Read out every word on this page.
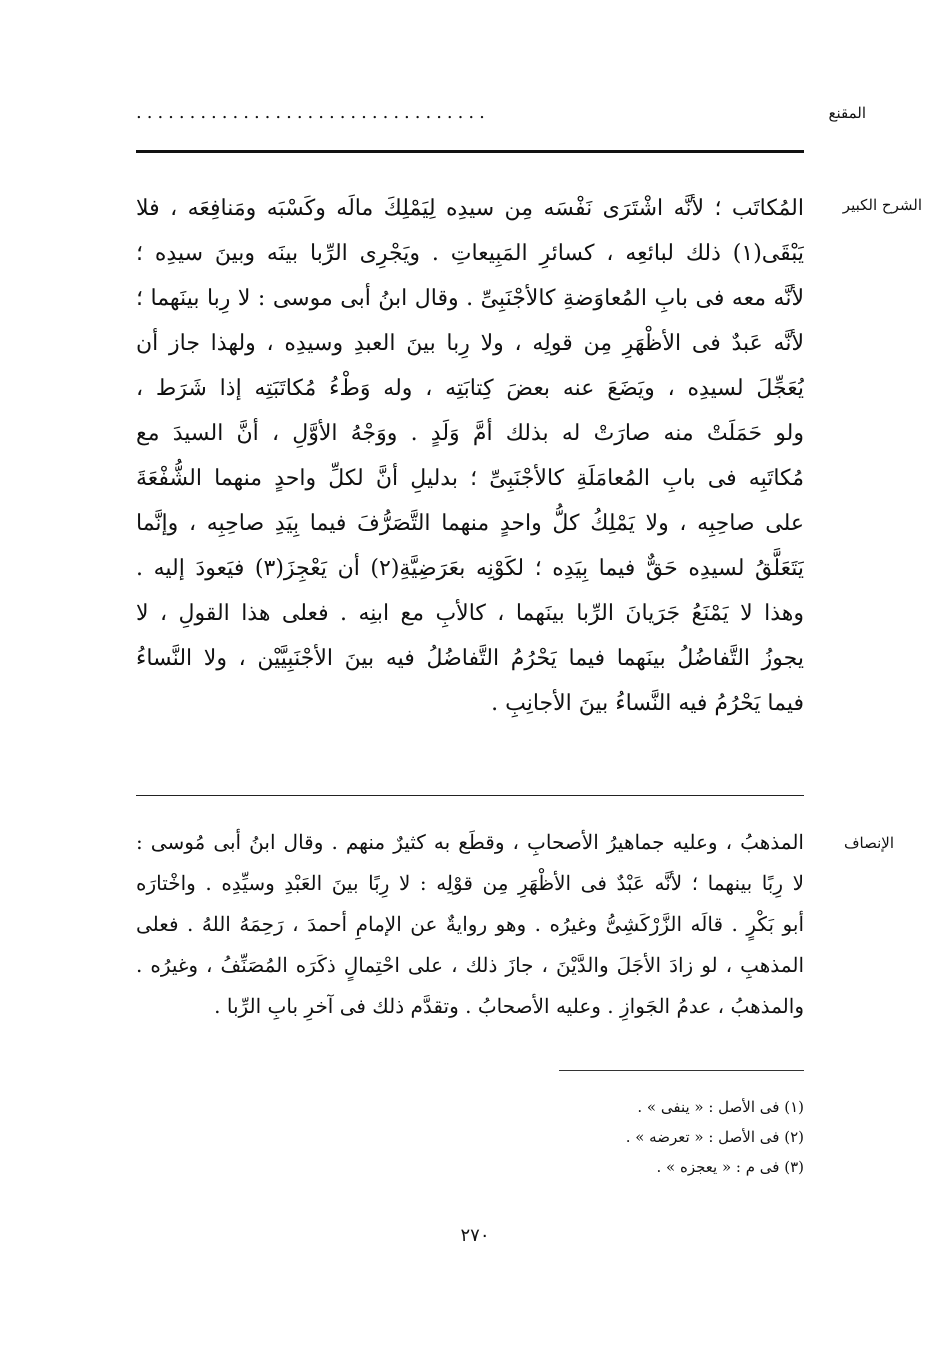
المقنع
.................................
الشرح الكبير
المُكاتَب ؛ لأنَّه اشْتَرَى نَفْسَه مِن سيدِه لِيَمْلِكَ مالَه وكَسْبَه ومَنافِعَه ، فلا
يَبْقَى(١) ذلك لبائعِه ، كسائرِ المَبِيعاتِ . ويَجْرِى الرِّبا بينَه وبينَ سيدِه ؛
لأنَّه معه فى بابِ المُعاوَضةِ كالأجْنَبِىِّ . وقال ابنُ أبى موسى : لا رِبا بينَهما ؛
لأنَّه عَبدٌ فى الأظْهَرِ مِن قولِه ، ولا رِبا بينَ العبدِ وسيدِه ، ولهذا جاز أن
يُعَجِّلَ لسيدِه ، ويَضَعَ عنه بعضَ كِتابَتِه ، وله وَطْءُ مُكاتَبَتِه إذا شَرَط ،
ولو حَمَلَتْ منه صارَتْ له بذلك أمَّ وَلَدٍ . ووَجْهُ الأوَّلِ ، أنَّ السيدَ مع
مُكاتَبِه فى بابِ المُعامَلَةِ كالأجْنَبِىِّ ؛ بدليلِ أنَّ لكلِّ واحدٍ منهما الشُّفْعَةَ
على صاحِبِه ، ولا يَمْلِكُ كلُّ واحدٍ منهما التَّصَرُّفَ فيما بِيَدِ صاحِبِه ، وإنَّما
يَتَعَلَّقُ لسيدِه حَقٌّ فيما بِيَدِه ؛ لكَوْنِه بعَرَضِيَّةِ(٢) أن يَعْجِزَ(٣) فيَعودَ إليه .
وهذا لا يَمْنَعُ جَرَيانَ الرِّبا بينَهما ، كالأبِ مع ابنِه . فعلى هذا القولِ ، لا
يجوزُ التَّفاضُلُ بينَهما فيما يَحْرُمُ التَّفاضُلُ فيه بينَ الأجْنَبِيَّيْن ، ولا النَّساءُ
فيما يَحْرُمُ فيه النَّساءُ بينَ الأجانِبِ .
الإنصاف
المذهبُ ، وعليه جماهيرُ الأصحابِ ، وقطَع به كثيرٌ منهم . وقال ابنُ أبى مُوسى :
لا رِبًا بينهما ؛ لأنَّه عَبْدٌ فى الأظْهَرِ مِن قوْلِه : لا رِبًا بينَ العَبْدِ وسيِّدِه . واخْتارَه
أبو بَكْرٍ . قالَه الزَّرْكَشِىُّ وغيرُه . وهو روايةٌ عن الإمامِ أحمدَ ، رَحِمَهُ اللهُ . فعلى
المذهبِ ، لو زادَ الأجَلَ والدَّيْنَ ، جازَ ذلك ، على احْتِمالٍ ذكَرَه المُصَنِّفُ ، وغيرُه .
والمذهبُ ، عدمُ الجَوازِ . وعليه الأصحابُ . وتقدَّم ذلك فى آخرِ بابِ الرِّبا .
(١) فى الأصل : « ينفى » .
(٢) فى الأصل : « تعرضه » .
(٣) فى م : « يعجزه » .
٢٧٠
